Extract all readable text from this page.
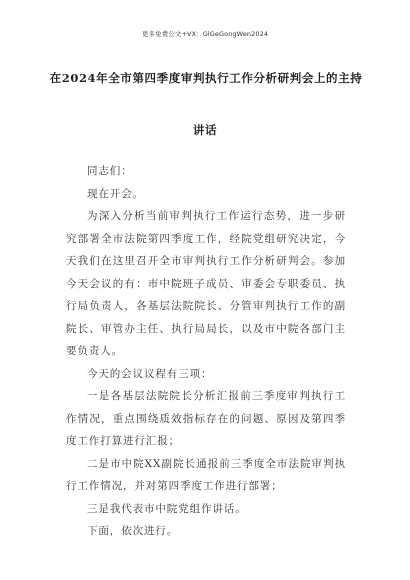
更多免费公文+VX：GlGeGongWen2024
在2024年全市第四季度审判执行工作分析研判会上的主持
讲话

同志们：

现在开会。

为深入分析当前审判执行工作运行态势，进一步研究部署全市法院第四季度工作，经院党组研究决定，今天我们在这里召开全市审判执行工作分析研判会。参加今天会议的有：市中院班子成员、审委会专职委员、执行局负责人，各基层法院院长、分管审判执行工作的副院长、审管办主任、执行局局长，以及市中院各部门主要负责人。

今天的会议议程有三项：

一是各基层法院院长分析汇报前三季度审判执行工作情况，重点围绕质效指标存在的问题、原因及第四季度工作打算进行汇报；

二是市中院XX副院长通报前三季度全市法院审判执行工作情况，并对第四季度工作进行部署；

三是我代表市中院党组作讲话。

下面，依次进行。
